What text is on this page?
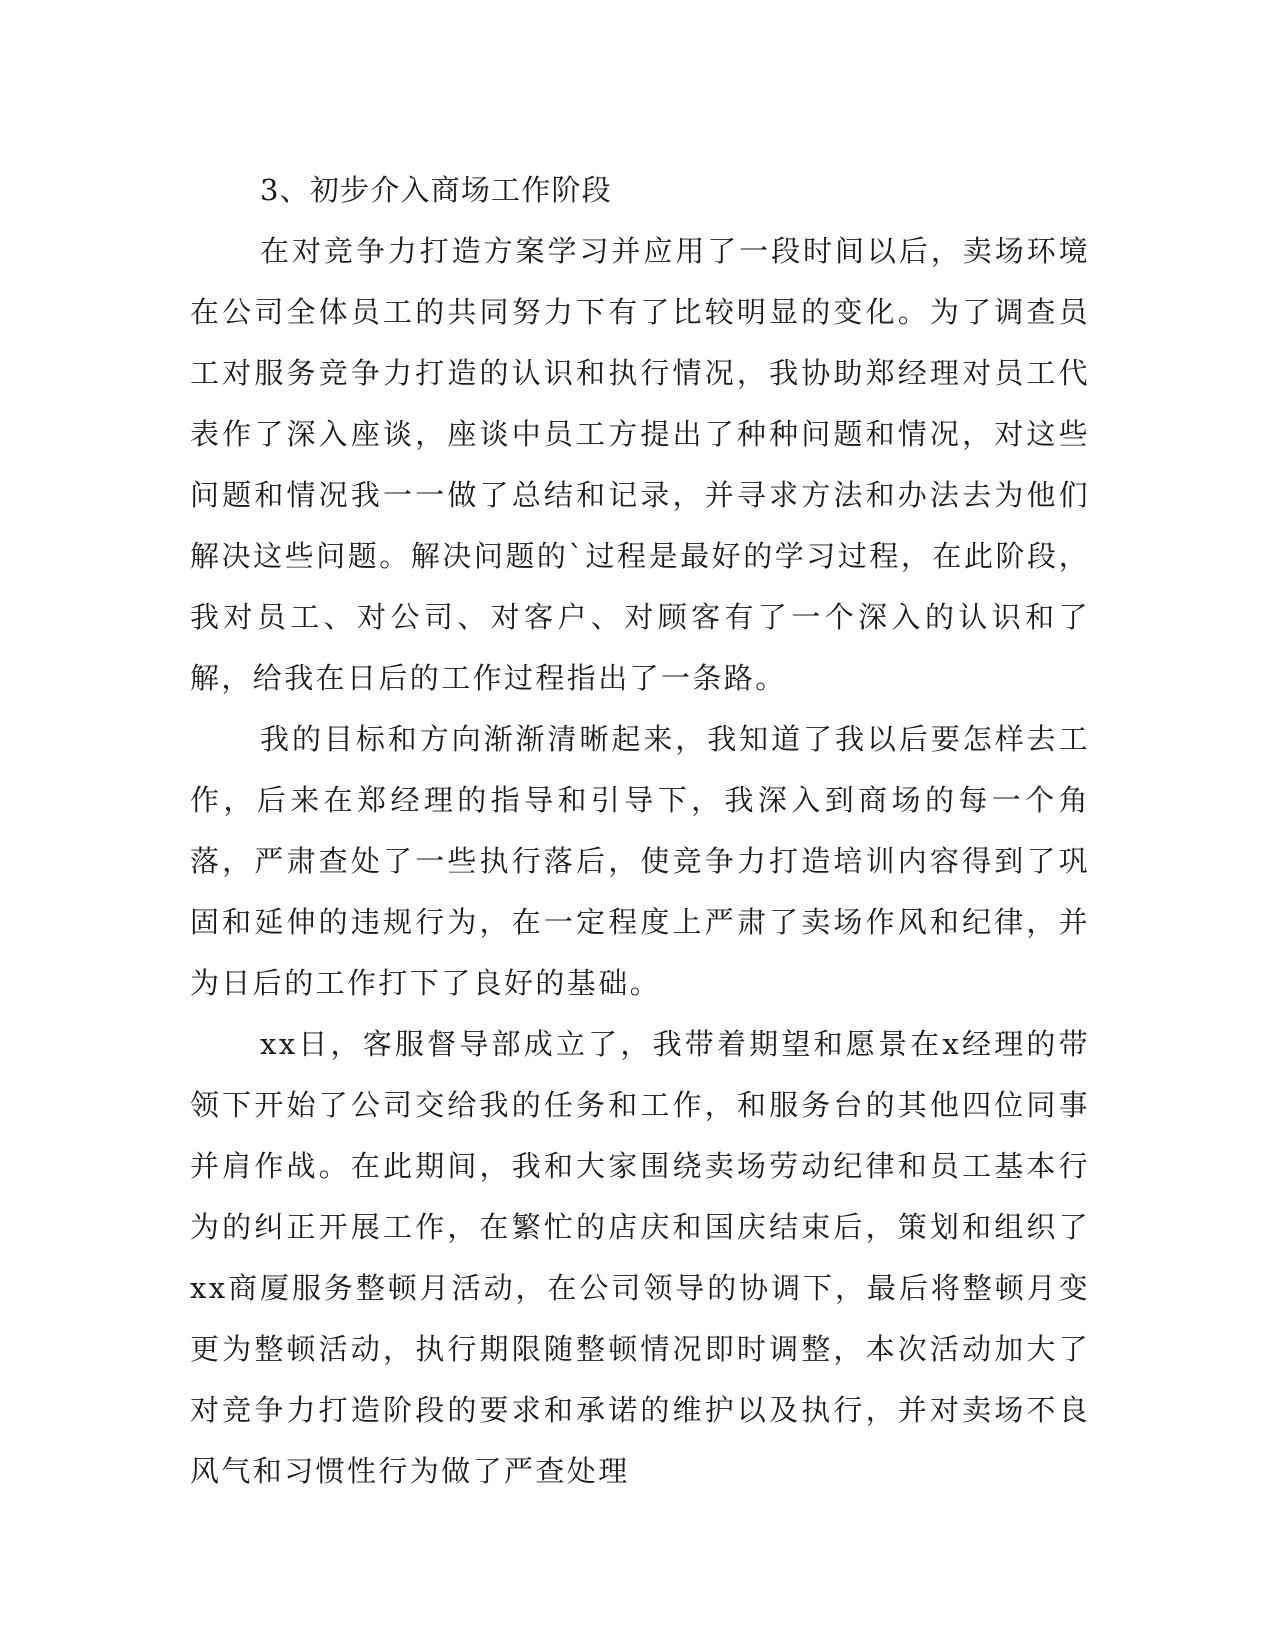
3、初步介入商场工作阶段

在对竞争力打造方案学习并应用了一段时间以后，卖场环境在公司全体员工的共同努力下有了比较明显的变化。为了调查员工对服务竞争力打造的认识和执行情况，我协助郑经理对员工代表作了深入座谈，座谈中员工方提出了种种问题和情况，对这些问题和情况我一一做了总结和记录，并寻求方法和办法去为他们解决这些问题。解决问题的`过程是最好的学习过程，在此阶段，我对员工、对公司、对客户、对顾客有了一个深入的认识和了解，给我在日后的工作过程指出了一条路。

我的目标和方向渐渐清晰起来，我知道了我以后要怎样去工作，后来在郑经理的指导和引导下，我深入到商场的每一个角落，严肃查处了一些执行落后，使竞争力打造培训内容得到了巩固和延伸的违规行为，在一定程度上严肃了卖场作风和纪律，并为日后的工作打下了良好的基础。

xx日，客服督导部成立了，我带着期望和愿景在x经理的带领下开始了公司交给我的任务和工作，和服务台的其他四位同事并肩作战。在此期间，我和大家围绕卖场劳动纪律和员工基本行为的纠正开展工作，在繁忙的店庆和国庆结束后，策划和组织了xx商厦服务整顿月活动，在公司领导的协调下，最后将整顿月变更为整顿活动，执行期限随整顿情况即时调整，本次活动加大了对竞争力打造阶段的要求和承诺的维护以及执行，并对卖场不良风气和习惯性行为做了严查处理
